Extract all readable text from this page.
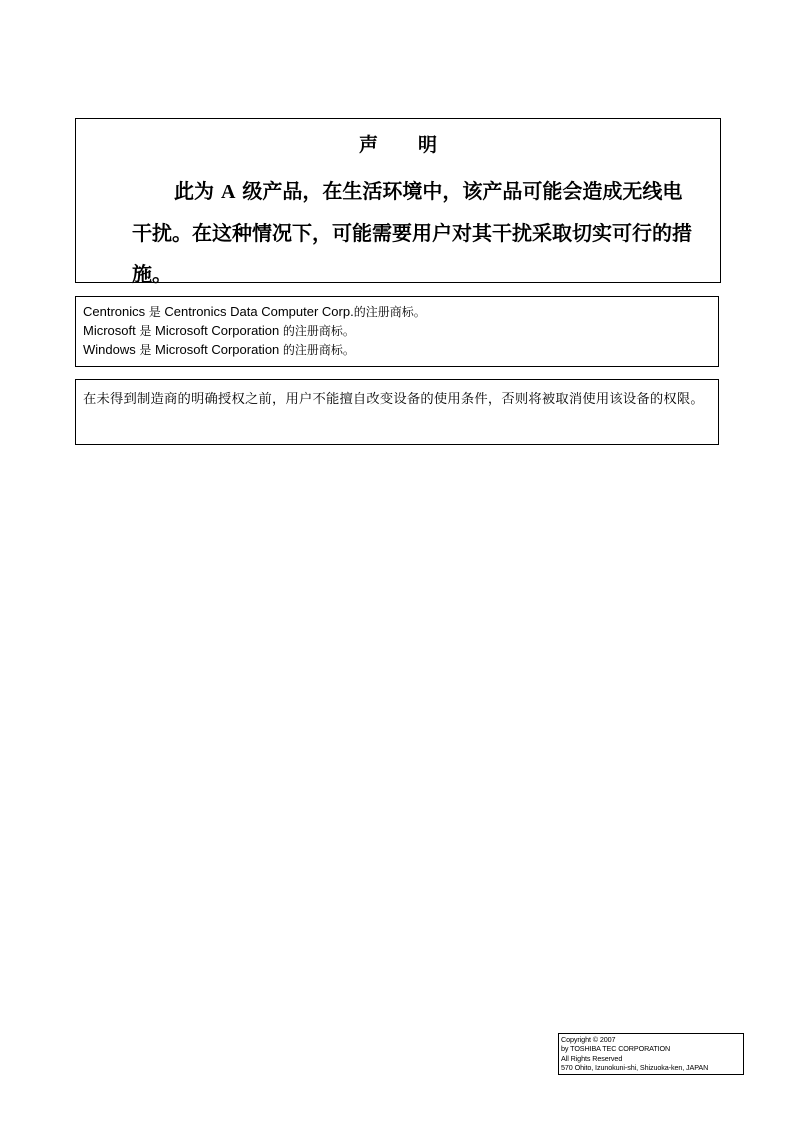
声明
此为 A 级产品，在生活环境中，该产品可能会造成无线电干扰。在这种情况下，可能需要用户对其干扰采取切实可行的措施。
Centronics 是 Centronics Data Computer Corp.的注册商标。
Microsoft 是 Microsoft Corporation 的注册商标。
Windows 是 Microsoft Corporation 的注册商标。
在未得到制造商的明确授权之前，用户不能擅自改变设备的使用条件，否则将被取消使用该设备的权限。
Copyright © 2007
by TOSHIBA TEC CORPORATION
All Rights Reserved
570 Ohito, Izunokuni-shi, Shizuoka-ken, JAPAN
